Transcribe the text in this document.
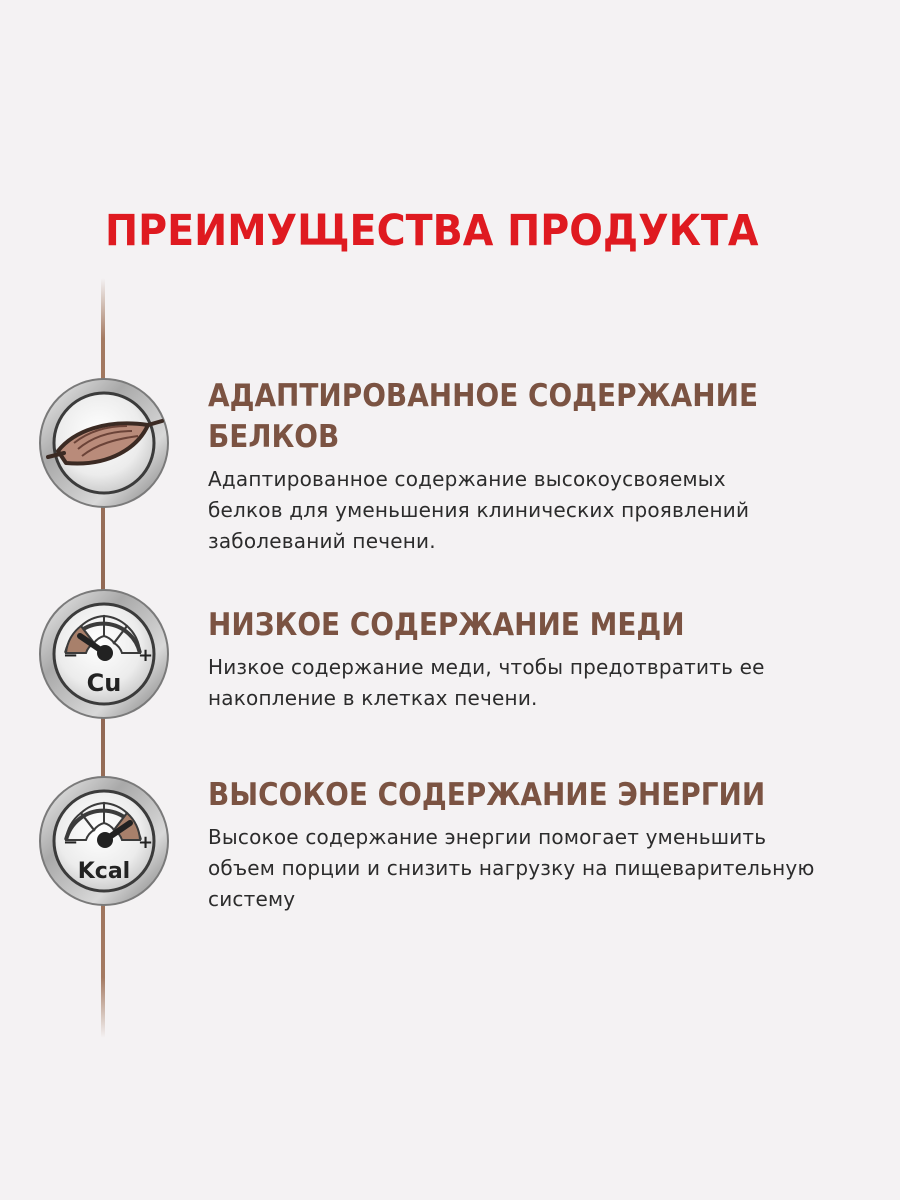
ПРЕИМУЩЕСТВА ПРОДУКТА
АДАПТИРОВАННОЕ СОДЕРЖАНИЕ
БЕЛКОВ

Адаптированное содержание высокоусвояемых
белков для уменьшения клинических проявлений
заболеваний печени.

−	+
Cu
НИЗКОЕ СОДЕРЖАНИЕ МЕДИ

Низкое содержание меди, чтобы предотвратить ее
накопление в клетках печени.

−	+
Kcal
ВЫСОКОЕ СОДЕРЖАНИЕ ЭНЕРГИИ

Высокое содержание энергии помогает уменьшить
объем порции и снизить нагрузку на пищеварительную
систему
